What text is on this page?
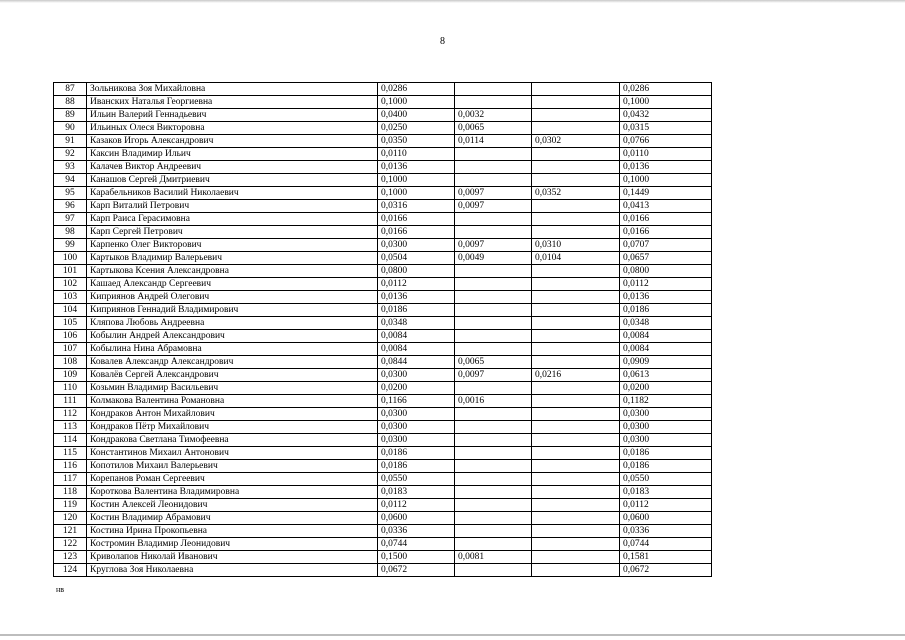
8
87	Зольникова Зоя Михайловна	0,0286			0,0286
88	Иванских Наталья Георгиевна	0,1000			0,1000
89	Ильин Валерий Геннадьевич	0,0400	0,0032		0,0432
90	Ильиных Олеся Викторовна	0,0250	0,0065		0,0315
91	Казаков Игорь Александрович	0,0350	0,0114	0,0302	0,0766
92	Каксин Владимир Ильич	0,0110			0,0110
93	Калачев Виктор Андреевич	0,0136			0,0136
94	Канашов Сергей Дмитриевич	0,1000			0,1000
95	Карабельников Василий Николаевич	0,1000	0,0097	0,0352	0,1449
96	Карп Виталий Петрович	0,0316	0,0097		0,0413
97	Карп Раиса Герасимовна	0,0166			0,0166
98	Карп Сергей Петрович	0,0166			0,0166
99	Карпенко Олег Викторович	0,0300	0,0097	0,0310	0,0707
100	Картыков Владимир Валерьевич	0,0504	0,0049	0,0104	0,0657
101	Картыкова Ксения Александровна	0,0800			0,0800
102	Кашаед Александр Сергеевич	0,0112			0,0112
103	Киприянов Андрей Олегович	0,0136			0,0136
104	Киприянов Геннадий Владимирович	0,0186			0,0186
105	Кляпова Любовь Андреевна	0,0348			0,0348
106	Кобылин Андрей Александрович	0,0084			0,0084
107	Кобылина Нина Абрамовна	0,0084			0,0084
108	Ковалев Александр Александрович	0,0844	0,0065		0,0909
109	Ковалёв Сергей Александрович	0,0300	0,0097	0,0216	0,0613
110	Козьмин Владимир Васильевич	0,0200			0,0200
111	Колмакова Валентина Романовна	0,1166	0,0016		0,1182
112	Кондраков Антон Михайлович	0,0300			0,0300
113	Кондраков Пётр Михайлович	0,0300			0,0300
114	Кондракова Светлана Тимофеевна	0,0300			0,0300
115	Константинов Михаил Антонович	0,0186			0,0186
116	Копотилов Михаил Валерьевич	0,0186			0,0186
117	Корепанов Роман Сергеевич	0,0550			0,0550
118	Короткова Валентина Владимировна	0,0183			0,0183
119	Костин Алексей Леонидович	0,0112			0,0112
120	Костин Владимир Абрамович	0,0600			0,0600
121	Костина Ирина Прокопьевна	0,0336			0,0336
122	Костромин Владимир Леонидович	0,0744			0,0744
123	Криволапов Николай Иванович	0,1500	0,0081		0,1581
124	Круглова Зоя Николаевна	0,0672			0,0672
нв
